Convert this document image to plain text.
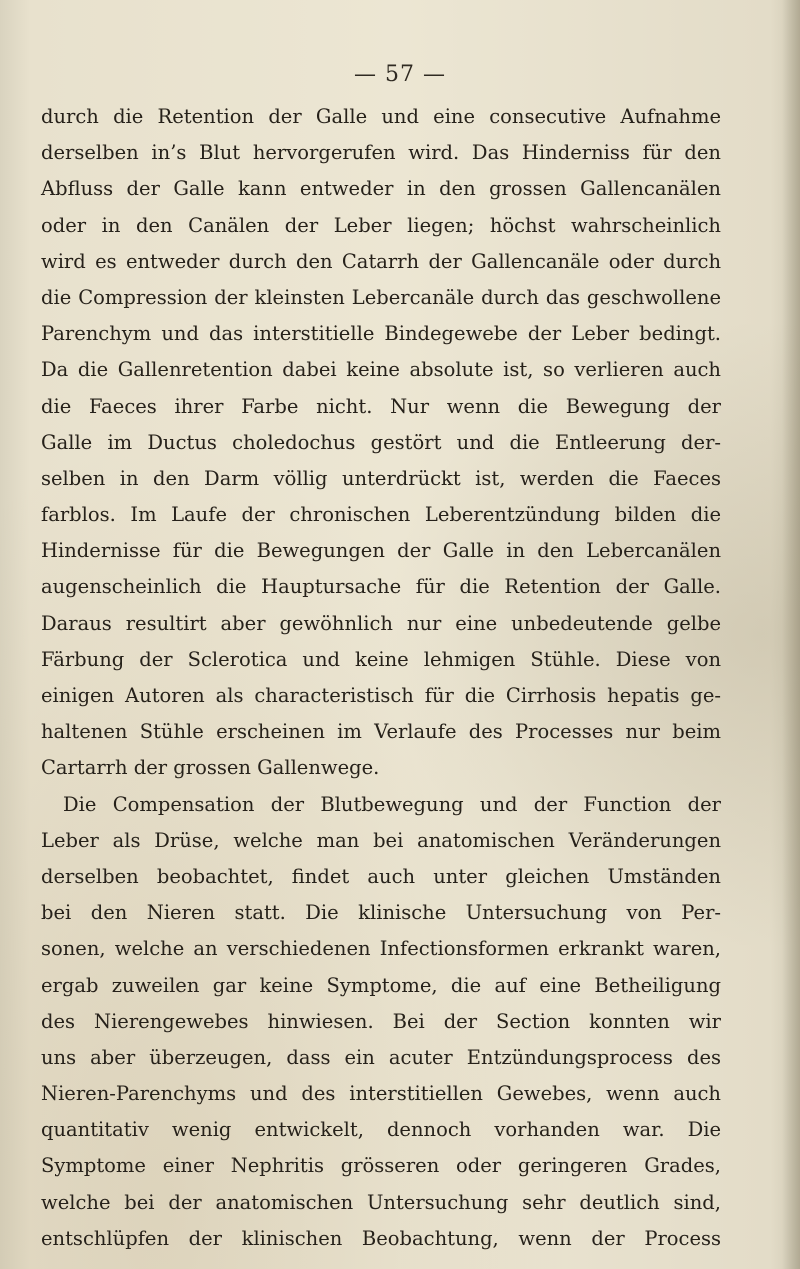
— 57 —
durch die Retention der Galle und eine consecutive Aufnahme
derselben in’s Blut hervorgerufen wird. Das Hinderniss für den
Abfluss der Galle kann entweder in den grossen Gallencanälen
oder in den Canälen der Leber liegen; höchst wahrscheinlich
wird es entweder durch den Catarrh der Gallencanäle oder durch
die Compression der kleinsten Lebercanäle durch das geschwollene
Parenchym und das interstitielle Bindegewebe der Leber bedingt.
Da die Gallenretention dabei keine absolute ist, so verlieren auch
die Faeces ihrer Farbe nicht. Nur wenn die Bewegung der
Galle im Ductus choledochus gestört und die Entleerung der-
selben in den Darm völlig unterdrückt ist, werden die Faeces
farblos. Im Laufe der chronischen Leberentzündung bilden die
Hindernisse für die Bewegungen der Galle in den Lebercanälen
augenscheinlich die Hauptursache für die Retention der Galle.
Daraus resultirt aber gewöhnlich nur eine unbedeutende gelbe
Färbung der Sclerotica und keine lehmigen Stühle. Diese von
einigen Autoren als characteristisch für die Cirrhosis hepatis ge-
haltenen Stühle erscheinen im Verlaufe des Processes nur beim
Cartarrh der grossen Gallenwege.
Die Compensation der Blutbewegung und der Function der
Leber als Drüse, welche man bei anatomischen Veränderungen
derselben beobachtet, findet auch unter gleichen Umständen
bei den Nieren statt. Die klinische Untersuchung von Per-
sonen, welche an verschiedenen Infectionsformen erkrankt waren,
ergab zuweilen gar keine Symptome, die auf eine Betheiligung
des Nierengewebes hinwiesen. Bei der Section konnten wir
uns aber überzeugen, dass ein acuter Entzündungsprocess des
Nieren-Parenchyms und des interstitiellen Gewebes, wenn auch
quantitativ wenig entwickelt, dennoch vorhanden war. Die
Symptome einer Nephritis grösseren oder geringeren Grades,
welche bei der anatomischen Untersuchung sehr deutlich sind,
entschlüpfen der klinischen Beobachtung, wenn der Process
